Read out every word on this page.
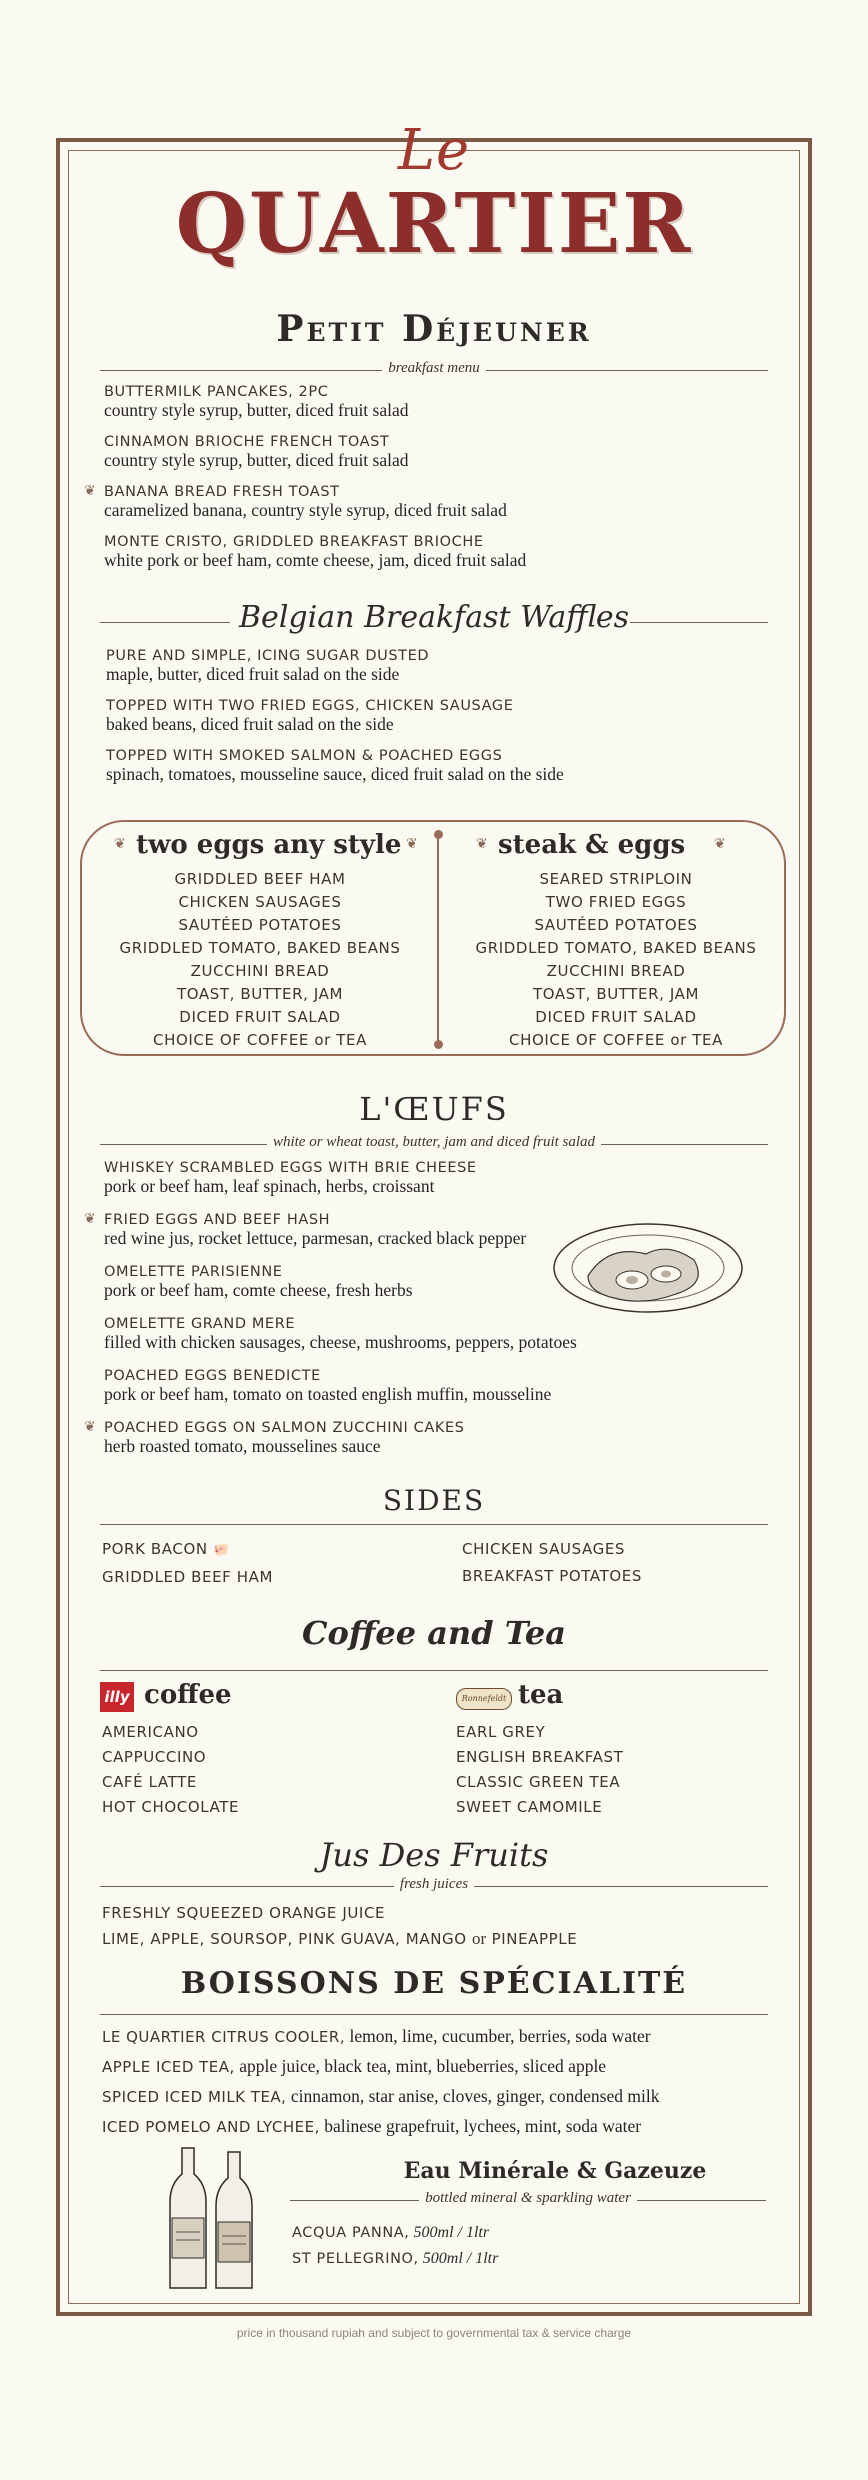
Le
QUARTIER
Petit Déjeuner
breakfast menu
BUTTERMILK PANCAKES, 2PC
country style syrup, butter, diced fruit salad
CINNAMON BRIOCHE FRENCH TOAST
country style syrup, butter, diced fruit salad
❦ BANANA BREAD FRESH TOAST
caramelized banana, country style syrup, diced fruit salad
MONTE CRISTO, GRIDDLED BREAKFAST BRIOCHE
white pork or beef ham, comte cheese, jam, diced fruit salad
Belgian Breakfast Waffles
PURE AND SIMPLE, ICING SUGAR DUSTED
maple, butter, diced fruit salad on the side
TOPPED WITH TWO FRIED EGGS, CHICKEN SAUSAGE
baked beans, diced fruit salad on the side
TOPPED WITH SMOKED SALMON & POACHED EGGS
spinach, tomatoes, mousseline sauce, diced fruit salad on the side
❦ two eggs any style ❦
GRIDDLED BEEF HAM
CHICKEN SAUSAGES
SAUTÉED POTATOES
GRIDDLED TOMATO, BAKED BEANS
ZUCCHINI BREAD
TOAST, BUTTER, JAM
DICED FRUIT SALAD
CHOICE OF COFFEE or TEA
❦ steak & eggs ❦
SEARED STRIPLOIN
TWO FRIED EGGS
SAUTÉED POTATOES
GRIDDLED TOMATO, BAKED BEANS
ZUCCHINI BREAD
TOAST, BUTTER, JAM
DICED FRUIT SALAD
CHOICE OF COFFEE or TEA
L'ŒUFS
white or wheat toast, butter, jam and diced fruit salad
WHISKEY SCRAMBLED EGGS WITH BRIE CHEESE
pork or beef ham, leaf spinach, herbs, croissant
❦ FRIED EGGS AND BEEF HASH
red wine jus, rocket lettuce, parmesan, cracked black pepper
OMELETTE PARISIENNE
pork or beef ham, comte cheese, fresh herbs
OMELETTE GRAND MERE
filled with chicken sausages, cheese, mushrooms, peppers, potatoes
POACHED EGGS BENEDICTE
pork or beef ham, tomato on toasted english muffin, mousseline
❦ POACHED EGGS ON SALMON ZUCCHINI CAKES
herb roasted tomato, mousselines sauce
SIDES
PORK BACON 🐖
GRIDDLED BEEF HAM
CHICKEN SAUSAGES
BREAKFAST POTATOES
Coffee and Tea
illy coffee
AMERICANO
CAPPUCCINO
CAFÉ LATTE
HOT CHOCOLATE
Ronnefeldt tea
EARL GREY
ENGLISH BREAKFAST
CLASSIC GREEN TEA
SWEET CAMOMILE
Jus Des Fruits
fresh juices
FRESHLY SQUEEZED ORANGE JUICE
LIME, APPLE, SOURSOP, PINK GUAVA, MANGO or PINEAPPLE
BOISSONS DE SPÉCIALITÉ
LE QUARTIER CITRUS COOLER, lemon, lime, cucumber, berries, soda water
APPLE ICED TEA, apple juice, black tea, mint, blueberries, sliced apple
SPICED ICED MILK TEA, cinnamon, star anise, cloves, ginger, condensed milk
ICED POMELO AND LYCHEE, balinese grapefruit, lychees, mint, soda water
Eau Minérale & Gazeuze
bottled mineral & sparkling water
ACQUA PANNA, 500ml / 1ltr
ST PELLEGRINO, 500ml / 1ltr
price in thousand rupiah and subject to governmental tax & service charge
